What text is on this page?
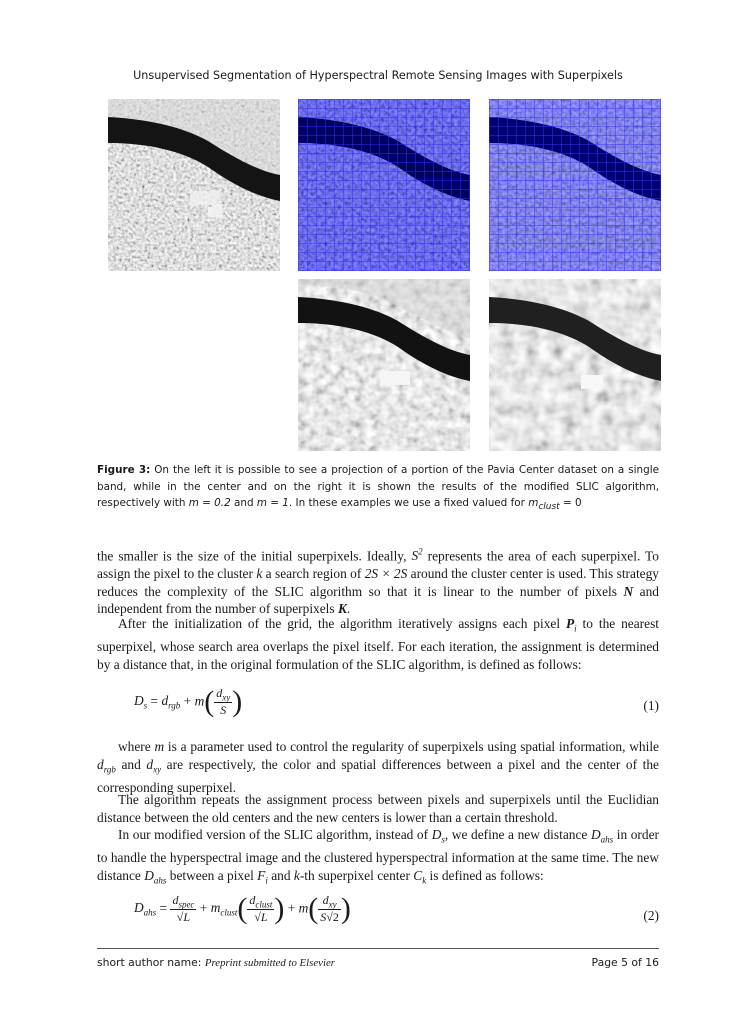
Unsupervised Segmentation of Hyperspectral Remote Sensing Images with Superpixels
Figure 3: On the left it is possible to see a projection of a portion of the Pavia Center dataset on a single band, while in the center and on the right it is shown the results of the modified SLIC algorithm, respectively with m = 0.2 and m = 1. In these examples we use a fixed valued for $m_{clust} = 0$
the smaller is the size of the initial superpixels. Ideally, $S^2$ represents the area of each superpixel. To assign the pixel to the cluster k a search region of 2S × 2S around the cluster center is used. This strategy reduces the complexity of the SLIC algorithm so that it is linear to the number of pixels N and independent from the number of superpixels K.
After the initialization of the grid, the algorithm iteratively assigns each pixel $P_i$ to the nearest superpixel, whose search area overlaps the pixel itself. For each iteration, the assignment is determined by a distance that, in the original formulation of the SLIC algorithm, is defined as follows:
$D_s = d_{rgb} + m( \frac{d_{xy}}{S}$ )	(1)
where m is a parameter used to control the regularity of superpixels using spatial information, while $d_{rgb}$ and $d_{xy}$ are respectively, the color and spatial differences between a pixel and the center of the corresponding superpixel.
The algorithm repeats the assignment process between pixels and superpixels until the Euclidian distance between the old centers and the new centers is lower than a certain threshold.
In our modified version of the SLIC algorithm, instead of $D_s$, we define a new distance $D_{ahs}$ in order to handle the hyperspectral image and the clustered hyperspectral information at the same time. The new distance $D_{ahs}$ between a pixel $F_i$ and k-th superpixel center $C_k$ is defined as follows:
$D_{ahs} = \frac{d_{spec}}{√L} + m_{clust}( \frac{d_{clust}}{√L}$ ) + $m( \frac{d_{xy}}{S√2}$ )	(2)
short author name: Preprint submitted to Elsevier	Page 5 of 16
